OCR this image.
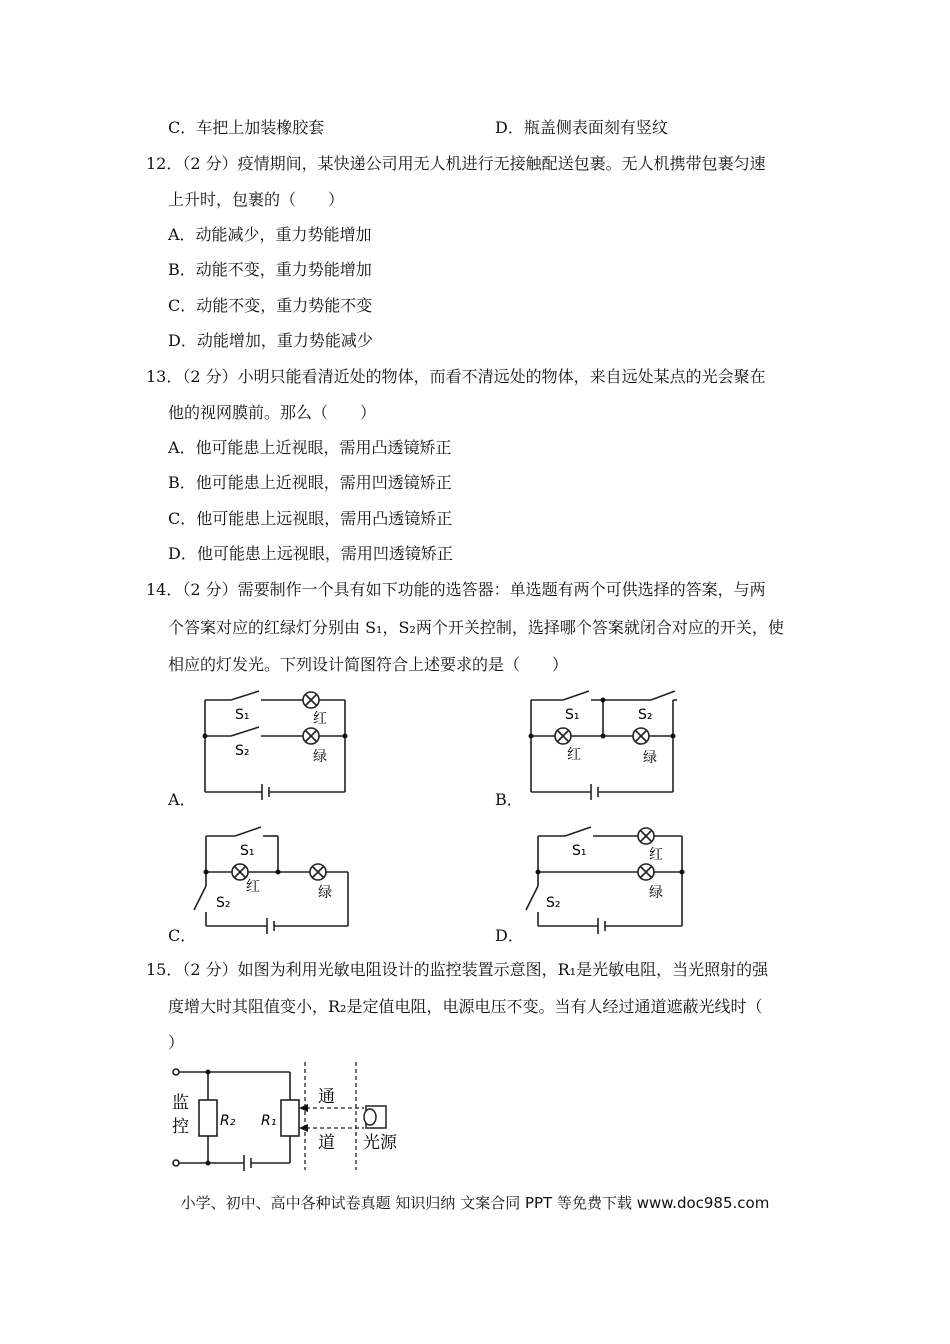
C．车把上加装橡胶套	D．瓶盖侧表面刻有竖纹
12．（2 分）疫情期间，某快递公司用无人机进行无接触配送包裹。无人机携带包裹匀速
上升时，包裹的（　　）
A．动能减少，重力势能增加
B．动能不变，重力势能增加
C．动能不变，重力势能不变
D．动能增加，重力势能减少
13．（2 分）小明只能看清近处的物体，而看不清远处的物体，来自远处某点的光会聚在
他的视网膜前。那么（　　）
A．他可能患上近视眼，需用凸透镜矫正
B．他可能患上近视眼，需用凹透镜矫正
C．他可能患上远视眼，需用凸透镜矫正
D．他可能患上远视眼，需用凹透镜矫正
14．（2 分）需要制作一个具有如下功能的选答器：单选题有两个可供选择的答案，与两
个答案对应的红绿灯分别由 S₁，S₂两个开关控制，选择哪个答案就闭合对应的开关，使
相应的灯发光。下列设计简图符合上述要求的是（　　）
S₁	红
S₂	绿
A．
S₁	S₂
红	绿
B．
S₁
红	绿
S₂
C．
S₁	红
绿
S₂
D．
15．（2 分）如图为利用光敏电阻设计的监控装置示意图，R₁是光敏电阻，当光照射的强
度增大时其阻值变小，R₂是定值电阻，电源电压不变。当有人经过通道遮蔽光线时（
）
监
控 R₂ R₁
通
道 光源
小学、初中、高中各种试卷真题 知识归纳 文案合同 PPT 等免费下载 www.doc985.com
